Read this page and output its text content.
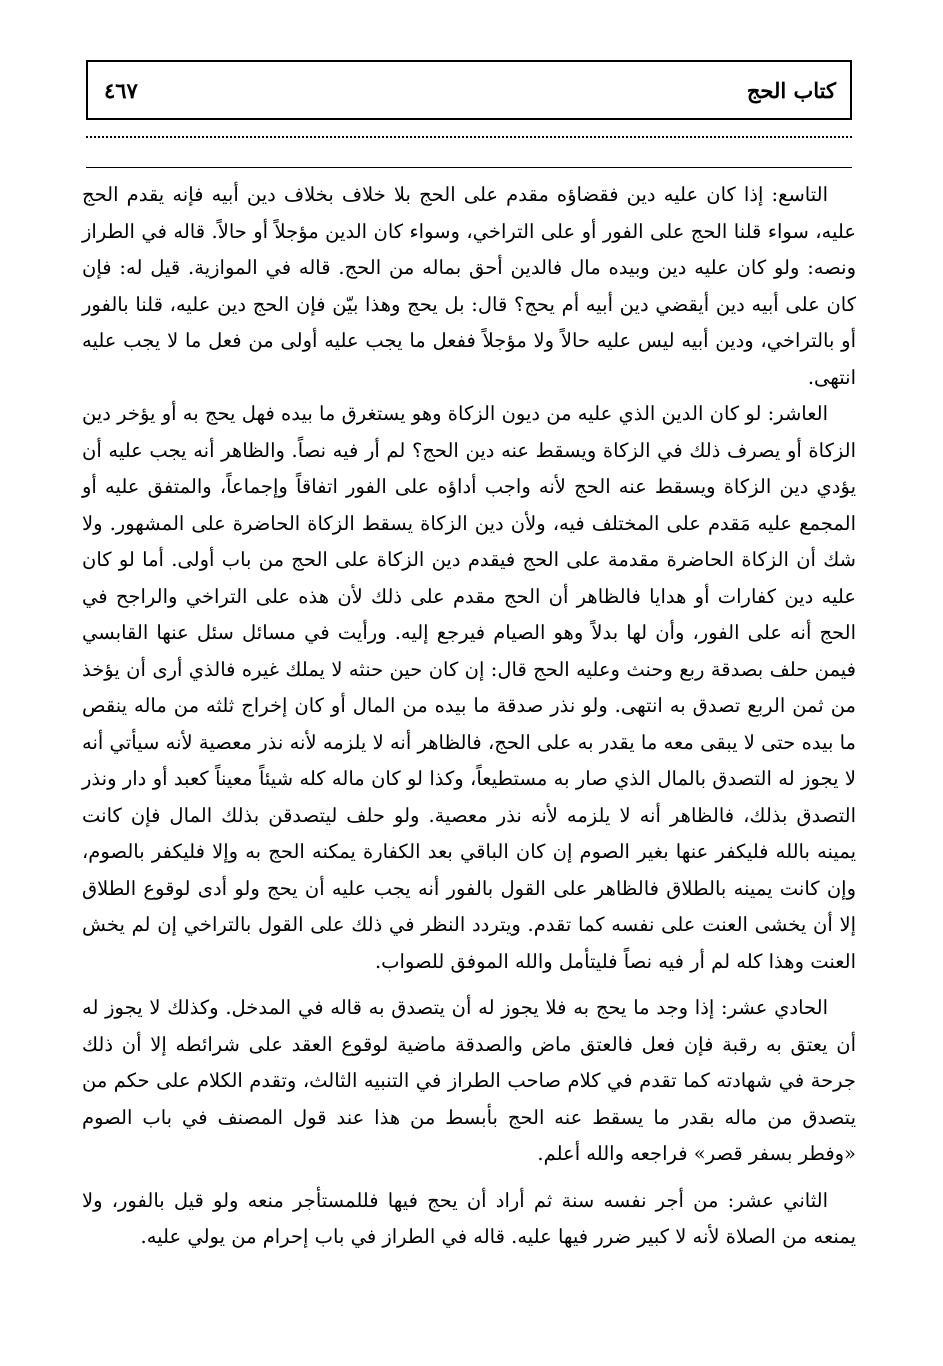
كتاب الحج
٤٦٧

التاسع: إذا كان عليه دين فقضاؤه مقدم على الحج بلا خلاف بخلاف دين أبيه فإنه يقدم الحج عليه، سواء قلنا الحج على الفور أو على التراخي، وسواء كان الدين مؤجلاً أو حالاً. قاله في الطراز ونصه: ولو كان عليه دين وبيده مال فالدين أحق بماله من الحج. قاله في الموازية. قيل له: فإن كان على أبيه دين أيقضي دين أبيه أم يحج؟ قال: بل يحج وهذا بيّن فإن الحج دين عليه، قلنا بالفور أو بالتراخي، ودين أبيه ليس عليه حالاً ولا مؤجلاً ففعل ما يجب عليه أولى من فعل ما لا يجب عليه انتهى.

العاشر: لو كان الدين الذي عليه من ديون الزكاة وهو يستغرق ما بيده فهل يحج به أو يؤخر دين الزكاة أو يصرف ذلك في الزكاة ويسقط عنه دين الحج؟ لم أر فيه نصاً. والظاهر أنه يجب عليه أن يؤدي دين الزكاة ويسقط عنه الحج لأنه واجب أداؤه على الفور اتفاقاً وإجماعاً، والمتفق عليه أو المجمع عليه مَقدم على المختلف فيه، ولأن دين الزكاة يسقط الزكاة الحاضرة على المشهور. ولا شك أن الزكاة الحاضرة مقدمة على الحج فيقدم دين الزكاة على الحج من باب أولى. أما لو كان عليه دين كفارات أو هدايا فالظاهر أن الحج مقدم على ذلك لأن هذه على التراخي والراجح في الحج أنه على الفور، وأن لها بدلاً وهو الصيام فيرجع إليه. ورأيت في مسائل سئل عنها القابسي فيمن حلف بصدقة ربع وحنث وعليه الحج قال: إن كان حين حنثه لا يملك غيره فالذي أرى أن يؤخذ من ثمن الربع تصدق به انتهى. ولو نذر صدقة ما بيده من المال أو كان إخراج ثلثه من ماله ينقص ما بيده حتى لا يبقى معه ما يقدر به على الحج، فالظاهر أنه لا يلزمه لأنه نذر معصية لأنه سيأتي أنه لا يجوز له التصدق بالمال الذي صار به مستطيعاً، وكذا لو كان ماله كله شيئاً معيناً كعبد أو دار ونذر التصدق بذلك، فالظاهر أنه لا يلزمه لأنه نذر معصية. ولو حلف ليتصدقن بذلك المال فإن كانت يمينه بالله فليكفر عنها بغير الصوم إن كان الباقي بعد الكفارة يمكنه الحج به وإلا فليكفر بالصوم، وإن كانت يمينه بالطلاق فالظاهر على القول بالفور أنه يجب عليه أن يحج ولو أدى لوقوع الطلاق إلا أن يخشى العنت على نفسه كما تقدم. ويتردد النظر في ذلك على القول بالتراخي إن لم يخش العنت وهذا كله لم أر فيه نصاً فليتأمل والله الموفق للصواب.

الحادي عشر: إذا وجد ما يحج به فلا يجوز له أن يتصدق به قاله في المدخل. وكذلك لا يجوز له أن يعتق به رقبة فإن فعل فالعتق ماض والصدقة ماضية لوقوع العقد على شرائطه إلا أن ذلك جرحة في شهادته كما تقدم في كلام صاحب الطراز في التنبيه الثالث، وتقدم الكلام على حكم من يتصدق من ماله بقدر ما يسقط عنه الحج بأبسط من هذا عند قول المصنف في باب الصوم «وفطر بسفر قصر» فراجعه والله أعلم.

الثاني عشر: من أجر نفسه سنة ثم أراد أن يحج فيها فللمستأجر منعه ولو قيل بالفور، ولا يمنعه من الصلاة لأنه لا كبير ضرر فيها عليه. قاله في الطراز في باب إحرام من يولي عليه.
